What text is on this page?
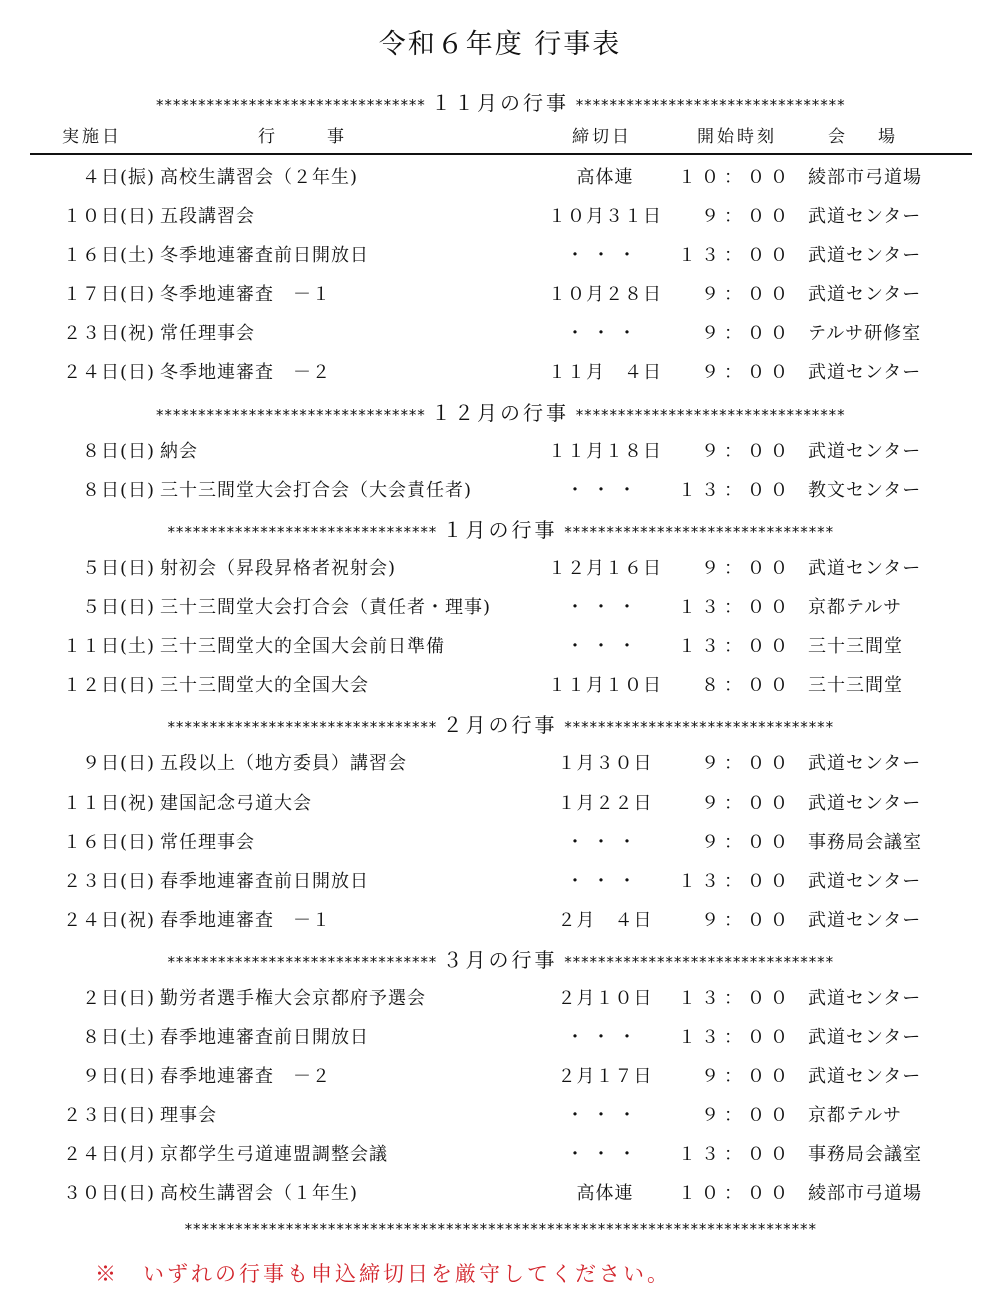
令和６年度 行事表
実施日	行　　事	締切日	開始時刻	会　場
******************************** １１月の行事 ********************************
４日(振) 高校生講習会（２年生)	高体連	１０：００ 綾部市弓道場
１０日(日) 五段講習会	１０月３１日	９：００ 武道センター
１６日(土) 冬季地連審査前日開放日	・・・	１３：００ 武道センター
１７日(日) 冬季地連審査　－１	１０月２８日	９：００ 武道センター
２３日(祝) 常任理事会	・・・	９：００ テルサ研修室
２４日(日) 冬季地連審査　－２	１１月　４日	９：００ 武道センター
******************************** １２月の行事 ********************************
８日(日) 納会	１１月１８日	９：００ 武道センター
８日(日) 三十三間堂大会打合会（大会責任者)	・・・	１３：００ 教文センター
******************************** １月の行事 ********************************
５日(日) 射初会（昇段昇格者祝射会)	１２月１６日	９：００ 武道センター
５日(日) 三十三間堂大会打合会（責任者・理事)	・・・	１３：００ 京都テルサ
１１日(土) 三十三間堂大的全国大会前日準備	・・・	１３：００ 三十三間堂
１２日(日) 三十三間堂大的全国大会	１１月１０日	８：００ 三十三間堂
******************************** ２月の行事 ********************************
９日(日) 五段以上（地方委員）講習会	１月３０日	９：００ 武道センター
１１日(祝) 建国記念弓道大会	１月２２日	９：００ 武道センター
１６日(日) 常任理事会	・・・	９：００ 事務局会議室
２３日(日) 春季地連審査前日開放日	・・・	１３：００ 武道センター
２４日(祝) 春季地連審査　－１	２月　４日	９：００ 武道センター
******************************** ３月の行事 ********************************
２日(日) 勤労者選手権大会京都府予選会	２月１０日	１３：００ 武道センター
８日(土) 春季地連審査前日開放日	・・・	１３：００ 武道センター
９日(日) 春季地連審査　－２	２月１７日	９：００ 武道センター
２３日(日) 理事会	・・・	９：００ 京都テルサ
２４日(月) 京都学生弓道連盟調整会議	・・・	１３：００ 事務局会議室
３０日(日) 高校生講習会（１年生)	高体連	１０：００ 綾部市弓道場
***************************************************************************
※　いずれの行事も申込締切日を厳守してください。
